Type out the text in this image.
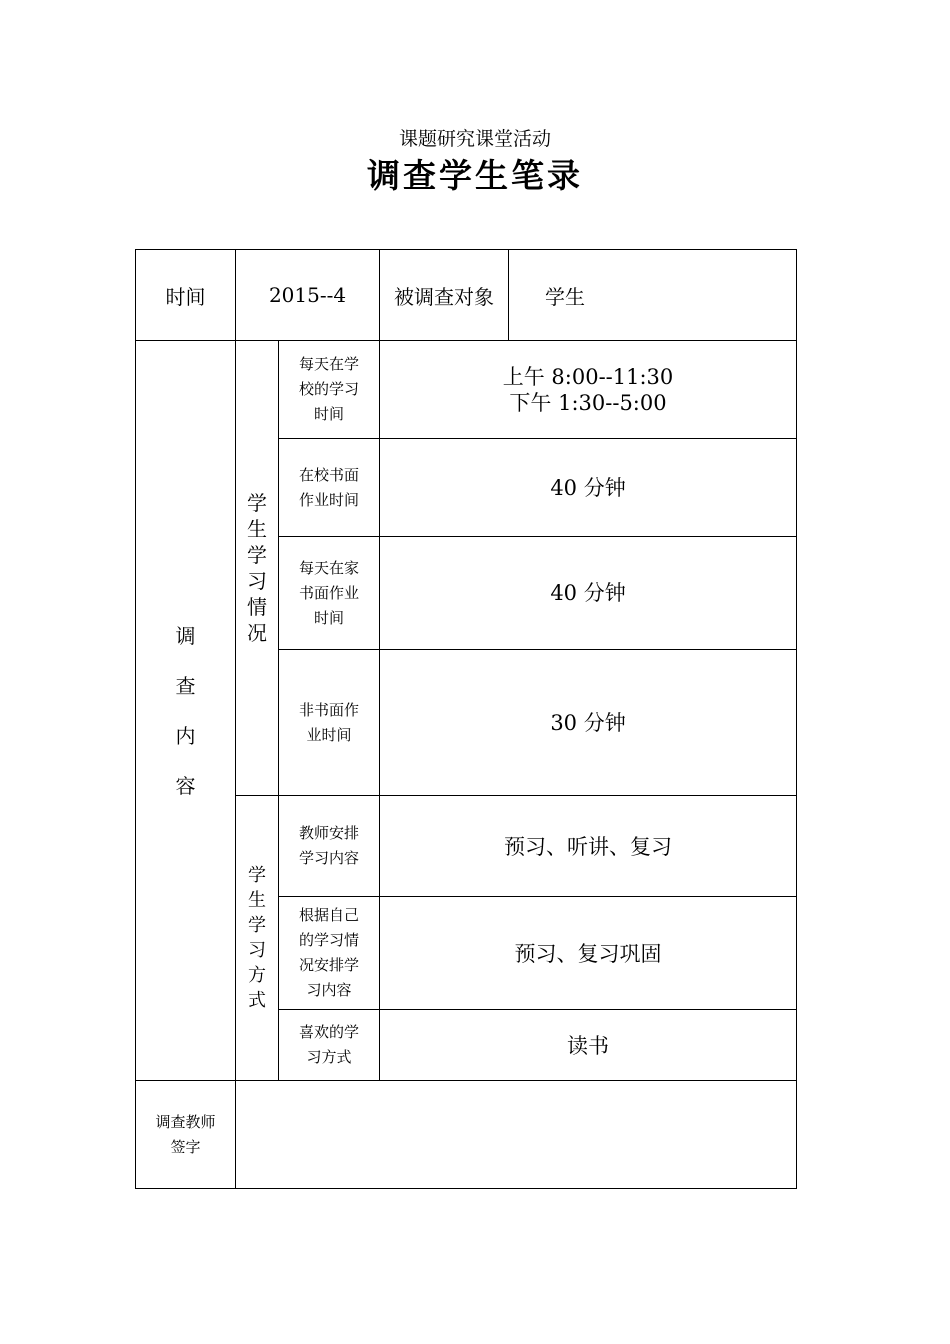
课题研究课堂活动
调查学生笔录
时间	2015--4		被调查对象	学生

调查内容	学生学习情况	每天在学校的学习时间	上午 8:00--11:30
下午 1:30--5:00	

		在校书面作业时间	40 分钟	

		每天在家书面作业时间	40 分钟	

		非书面作业时间	30 分钟	

	学生学习方式	教师安排学习内容	预习、听讲、复习	

		根据自己的学习情况安排学习内容	预习、复习巩固	

		喜欢的学习方式	读书	

调查教师签字				
